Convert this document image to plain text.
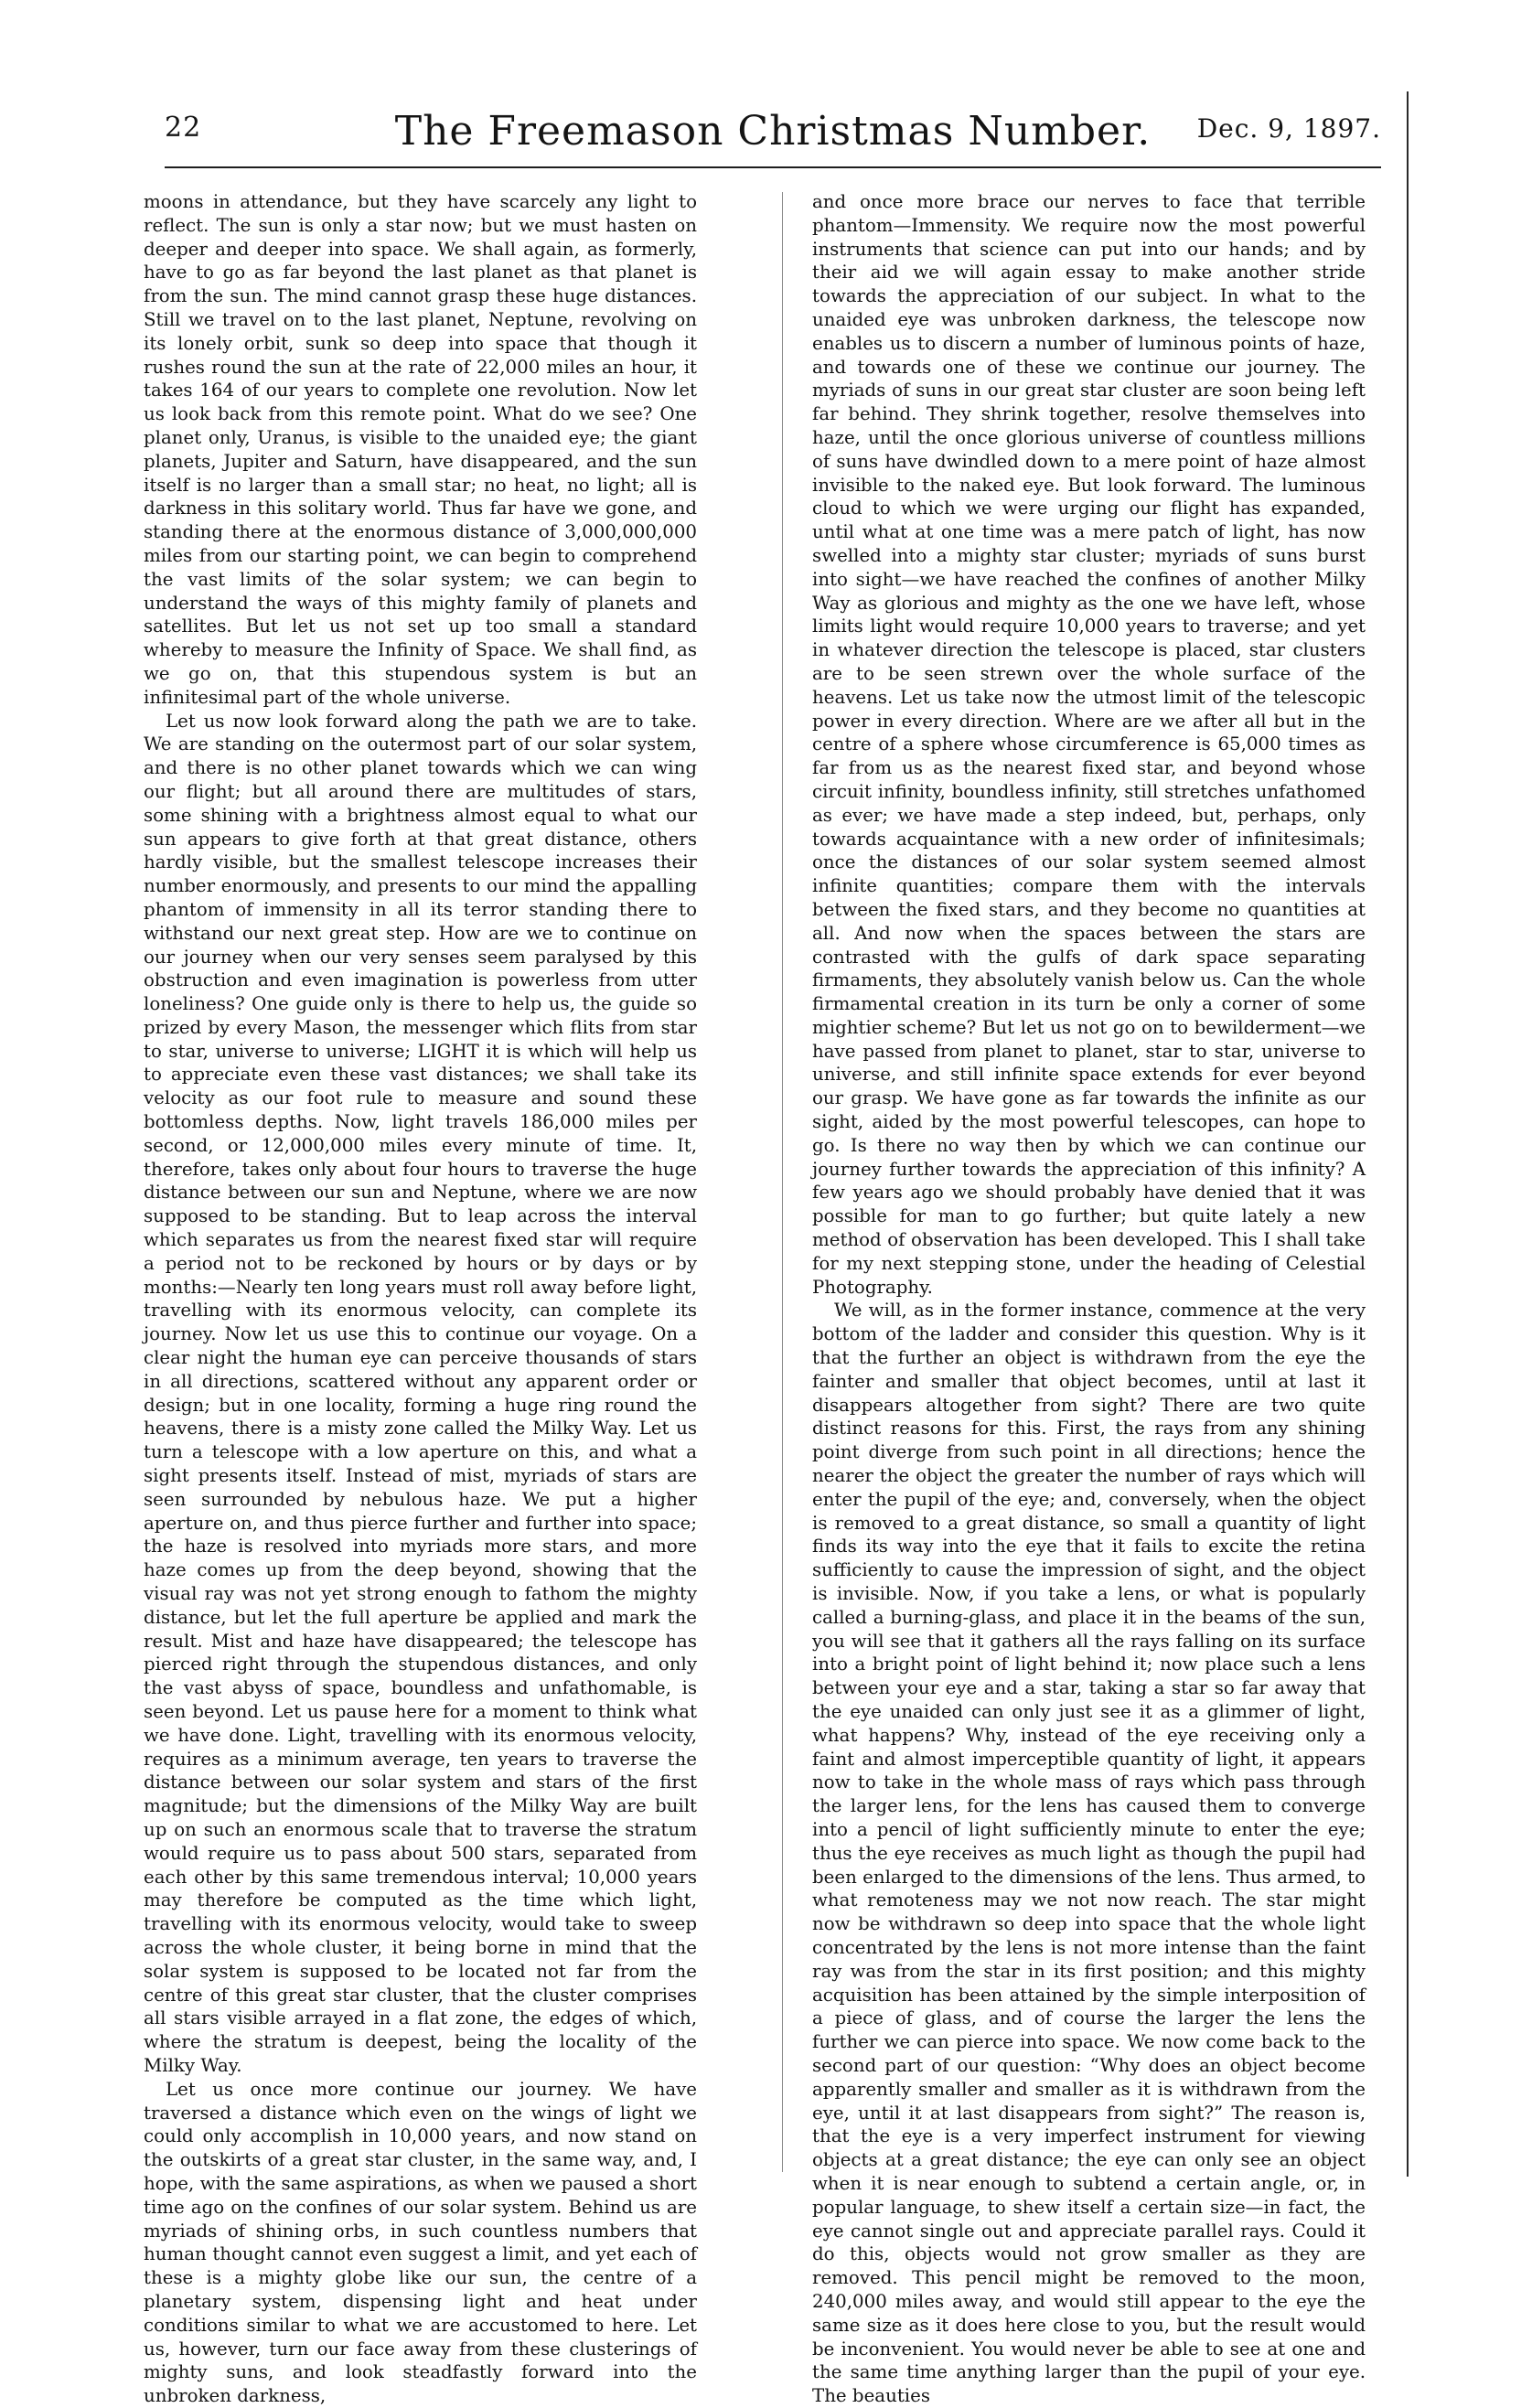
22	The Freemason Christmas Number.	Dec. 9, 1897.

moons in attendance, but they have scarcely any light to reflect. The sun is only a star now; but we must hasten on deeper and deeper into space. We shall again, as formerly, have to go as far beyond the last planet as that planet is from the sun. The mind cannot grasp these huge distances. Still we travel on to the last planet, Neptune, revolving on its lonely orbit, sunk so deep into space that though it rushes round the sun at the rate of 22,000 miles an hour, it takes 164 of our years to complete one revolution. Now let us look back from this remote point. What do we see? One planet only, Uranus, is visible to the unaided eye; the giant planets, Jupiter and Saturn, have disappeared, and the sun itself is no larger than a small star; no heat, no light; all is darkness in this solitary world. Thus far have we gone, and standing there at the enormous distance of 3,000,000,000 miles from our starting point, we can begin to comprehend the vast limits of the solar system; we can begin to understand the ways of this mighty family of planets and satellites. But let us not set up too small a standard whereby to measure the Infinity of Space. We shall find, as we go on, that this stupendous system is but an infinitesimal part of the whole universe.

Let us now look forward along the path we are to take. We are standing on the outermost part of our solar system, and there is no other planet towards which we can wing our flight; but all around there are multitudes of stars, some shining with a brightness almost equal to what our sun appears to give forth at that great distance, others hardly visible, but the smallest telescope increases their number enormously, and presents to our mind the appalling phantom of immensity in all its terror standing there to withstand our next great step. How are we to continue on our journey when our very senses seem paralysed by this obstruction and even imagination is powerless from utter loneliness? One guide only is there to help us, the guide so prized by every Mason, the messenger which flits from star to star, universe to universe; LIGHT it is which will help us to appreciate even these vast distances; we shall take its velocity as our foot rule to measure and sound these bottomless depths. Now, light travels 186,000 miles per second, or 12,000,000 miles every minute of time. It, therefore, takes only about four hours to traverse the huge distance between our sun and Neptune, where we are now supposed to be standing. But to leap across the interval which separates us from the nearest fixed star will require a period not to be reckoned by hours or by days or by months:—Nearly ten long years must roll away before light, travelling with its enormous velocity, can complete its journey. Now let us use this to continue our voyage. On a clear night the human eye can perceive thousands of stars in all directions, scattered without any apparent order or design; but in one locality, forming a huge ring round the heavens, there is a misty zone called the Milky Way. Let us turn a telescope with a low aperture on this, and what a sight presents itself. Instead of mist, myriads of stars are seen surrounded by nebulous haze. We put a higher aperture on, and thus pierce further and further into space; the haze is resolved into myriads more stars, and more haze comes up from the deep beyond, showing that the visual ray was not yet strong enough to fathom the mighty distance, but let the full aperture be applied and mark the result. Mist and haze have disappeared; the telescope has pierced right through the stupendous distances, and only the vast abyss of space, boundless and unfathomable, is seen beyond. Let us pause here for a moment to think what we have done. Light, travelling with its enormous velocity, requires as a minimum average, ten years to traverse the distance between our solar system and stars of the first magnitude; but the dimensions of the Milky Way are built up on such an enormous scale that to traverse the stratum would require us to pass about 500 stars, separated from each other by this same tremendous interval; 10,000 years may therefore be computed as the time which light, travelling with its enormous velocity, would take to sweep across the whole cluster, it being borne in mind that the solar system is supposed to be located not far from the centre of this great star cluster, that the cluster comprises all stars visible arrayed in a flat zone, the edges of which, where the stratum is deepest, being the locality of the Milky Way.

Let us once more continue our journey. We have traversed a distance which even on the wings of light we could only accomplish in 10,000 years, and now stand on the outskirts of a great star cluster, in the same way, and, I hope, with the same aspirations, as when we paused a short time ago on the confines of our solar system. Behind us are myriads of shining orbs, in such countless numbers that human thought cannot even suggest a limit, and yet each of these is a mighty globe like our sun, the centre of a planetary system, dispensing light and heat under conditions similar to what we are accustomed to here. Let us, however, turn our face away from these clusterings of mighty suns, and look steadfastly forward into the unbroken darkness,

and once more brace our nerves to face that terrible phantom—Immensity. We require now the most powerful instruments that science can put into our hands; and by their aid we will again essay to make another stride towards the appreciation of our subject. In what to the unaided eye was unbroken darkness, the telescope now enables us to discern a number of luminous points of haze, and towards one of these we continue our journey. The myriads of suns in our great star cluster are soon being left far behind. They shrink together, resolve themselves into haze, until the once glorious universe of countless millions of suns have dwindled down to a mere point of haze almost invisible to the naked eye. But look forward. The luminous cloud to which we were urging our flight has expanded, until what at one time was a mere patch of light, has now swelled into a mighty star cluster; myriads of suns burst into sight—we have reached the confines of another Milky Way as glorious and mighty as the one we have left, whose limits light would require 10,000 years to traverse; and yet in whatever direction the telescope is placed, star clusters are to be seen strewn over the whole surface of the heavens. Let us take now the utmost limit of the telescopic power in every direction. Where are we after all but in the centre of a sphere whose circumference is 65,000 times as far from us as the nearest fixed star, and beyond whose circuit infinity, boundless infinity, still stretches unfathomed as ever; we have made a step indeed, but, perhaps, only towards acquaintance with a new order of infinitesimals; once the distances of our solar system seemed almost infinite quantities; compare them with the intervals between the fixed stars, and they become no quantities at all. And now when the spaces between the stars are contrasted with the gulfs of dark space separating firmaments, they absolutely vanish below us. Can the whole firmamental creation in its turn be only a corner of some mightier scheme? But let us not go on to bewilderment—we have passed from planet to planet, star to star, universe to universe, and still infinite space extends for ever beyond our grasp. We have gone as far towards the infinite as our sight, aided by the most powerful telescopes, can hope to go. Is there no way then by which we can continue our journey further towards the appreciation of this infinity? A few years ago we should probably have denied that it was possible for man to go further; but quite lately a new method of observation has been developed. This I shall take for my next stepping stone, under the heading of Celestial Photography.

We will, as in the former instance, commence at the very bottom of the ladder and consider this question. Why is it that the further an object is withdrawn from the eye the fainter and smaller that object becomes, until at last it disappears altogether from sight? There are two quite distinct reasons for this. First, the rays from any shining point diverge from such point in all directions; hence the nearer the object the greater the number of rays which will enter the pupil of the eye; and, conversely, when the object is removed to a great distance, so small a quantity of light finds its way into the eye that it fails to excite the retina sufficiently to cause the impression of sight, and the object is invisible. Now, if you take a lens, or what is popularly called a burning-glass, and place it in the beams of the sun, you will see that it gathers all the rays falling on its surface into a bright point of light behind it; now place such a lens between your eye and a star, taking a star so far away that the eye unaided can only just see it as a glimmer of light, what happens? Why, instead of the eye receiving only a faint and almost imperceptible quantity of light, it appears now to take in the whole mass of rays which pass through the larger lens, for the lens has caused them to converge into a pencil of light sufficiently minute to enter the eye; thus the eye receives as much light as though the pupil had been enlarged to the dimensions of the lens. Thus armed, to what remoteness may we not now reach. The star might now be withdrawn so deep into space that the whole light concentrated by the lens is not more intense than the faint ray was from the star in its first position; and this mighty acquisition has been attained by the simple interposition of a piece of glass, and of course the larger the lens the further we can pierce into space. We now come back to the second part of our question: “Why does an object become apparently smaller and smaller as it is withdrawn from the eye, until it at last disappears from sight?” The reason is, that the eye is a very imperfect instrument for viewing objects at a great distance; the eye can only see an object when it is near enough to subtend a certain angle, or, in popular language, to shew itself a certain size—in fact, the eye cannot single out and appreciate parallel rays. Could it do this, objects would not grow smaller as they are removed. This pencil might be removed to the moon, 240,000 miles away, and would still appear to the eye the same size as it does here close to you, but the result would be inconvenient. You would never be able to see at one and the same time anything larger than the pupil of your eye. The beauties
